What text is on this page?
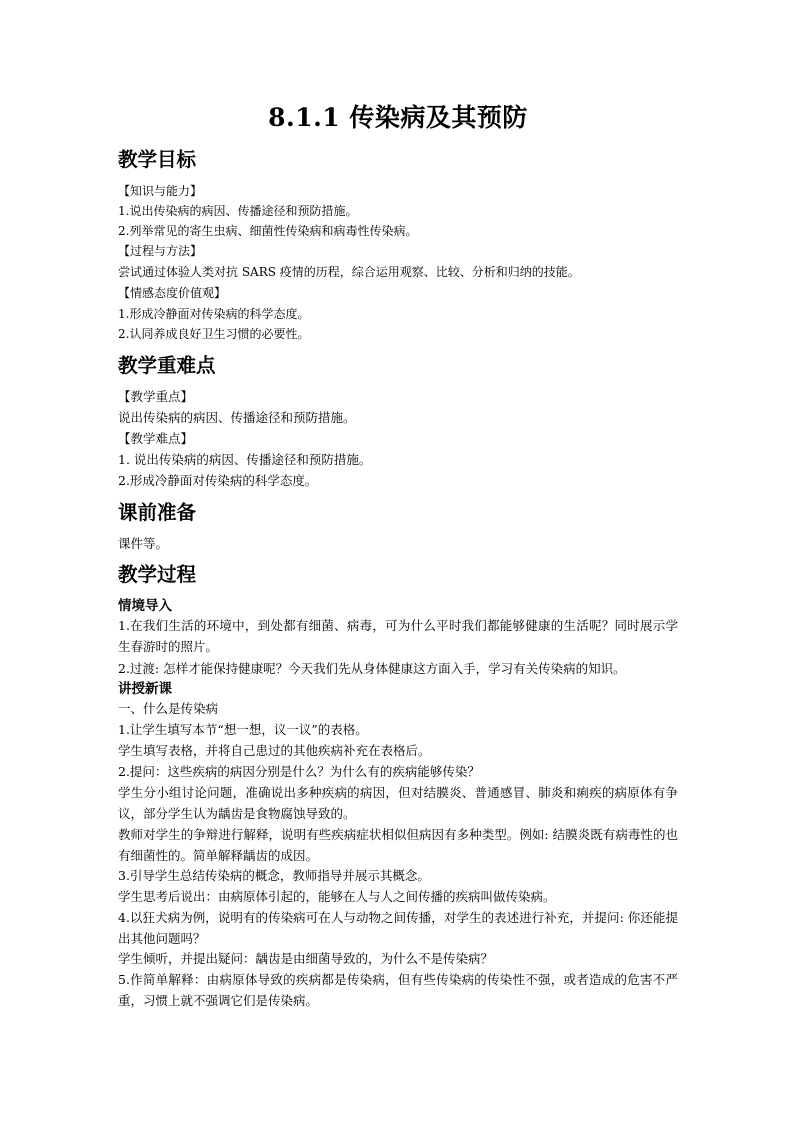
8.1.1 传染病及其预防
教学目标
【知识与能力】
1.说出传染病的病因、传播途径和预防措施。
2.列举常见的寄生虫病、细菌性传染病和病毒性传染病。
【过程与方法】
尝试通过体验人类对抗 SARS 疫情的历程，综合运用观察、比较、分析和归纳的技能。
【情感态度价值观】
1.形成冷静面对传染病的科学态度。
2.认同养成良好卫生习惯的必要性。
教学重难点
【教学重点】
说出传染病的病因、传播途径和预防措施。
【教学难点】
1. 说出传染病的病因、传播途径和预防措施。
2.形成冷静面对传染病的科学态度。
课前准备
课件等。
教学过程
情境导入
1.在我们生活的环境中，到处都有细菌、病毒，可为什么平时我们都能够健康的生活呢？同时展示学生春游时的照片。
2.过渡: 怎样才能保持健康呢？今天我们先从身体健康这方面入手，学习有关传染病的知识。
讲授新课
一、什么是传染病
1.让学生填写本节“想一想，议一议”的表格。
学生填写表格，并将自己患过的其他疾病补充在表格后。
2.提问：这些疾病的病因分别是什么？为什么有的疾病能够传染？
学生分小组讨论问题，准确说出多种疾病的病因，但对结膜炎、普通感冒、肺炎和痢疾的病原体有争议，部分学生认为龋齿是食物腐蚀导致的。
教师对学生的争辩进行解释，说明有些疾病症状相似但病因有多种类型。例如: 结膜炎既有病毒性的也有细菌性的。简单解释龋齿的成因。
3.引导学生总结传染病的概念，教师指导并展示其概念。
学生思考后说出：由病原体引起的，能够在人与人之间传播的疾病叫做传染病。
4.以狂犬病为例，说明有的传染病可在人与动物之间传播，对学生的表述进行补充，并提问: 你还能提出其他问题吗？
学生倾听，并提出疑问：龋齿是由细菌导致的，为什么不是传染病？
5.作简单解释：由病原体导致的疾病都是传染病，但有些传染病的传染性不强，或者造成的危害不严重，习惯上就不强调它们是传染病。
